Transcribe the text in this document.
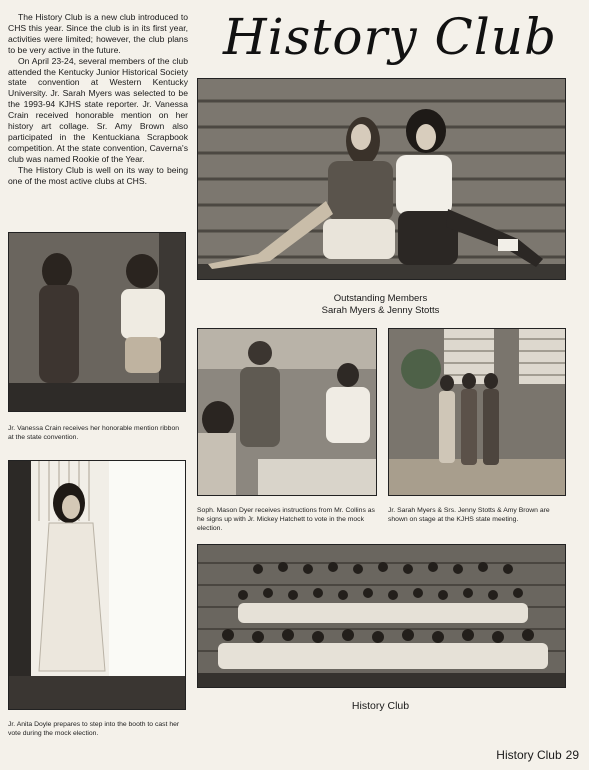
The History Club is a new club introduced to CHS this year. Since the club is in its first year, activities were limited; however, the club plans to be very active in the future.

On April 23-24, several members of the club attended the Kentucky Junior Historical Society state convention at Western Kentucky University. Jr. Sarah Myers was selected to be the 1993-94 KJHS state reporter. Jr. Vanessa Crain received honorable mention on her history art collage. Sr. Amy Brown also participated in the Kentuckiana Scrapbook competition. At the state convention, Caverna's club was named Rookie of the Year.

The History Club is well on its way to being one of the most active clubs at CHS.

History Club
Outstanding Members
Sarah Myers & Jenny Stotts
Jr. Vanessa Crain receives her honorable mention ribbon at the state convention.
Jr. Anita Doyle prepares to step into the booth to cast her vote during the mock election.
Soph. Mason Dyer receives instructions from Mr. Collins as he signs up with Jr. Mickey Hatchett to vote in the mock election.
Jr. Sarah Myers & Srs. Jenny Stotts & Amy Brown are shown on stage at the KJHS state meeting.
History Club
History Club 29
